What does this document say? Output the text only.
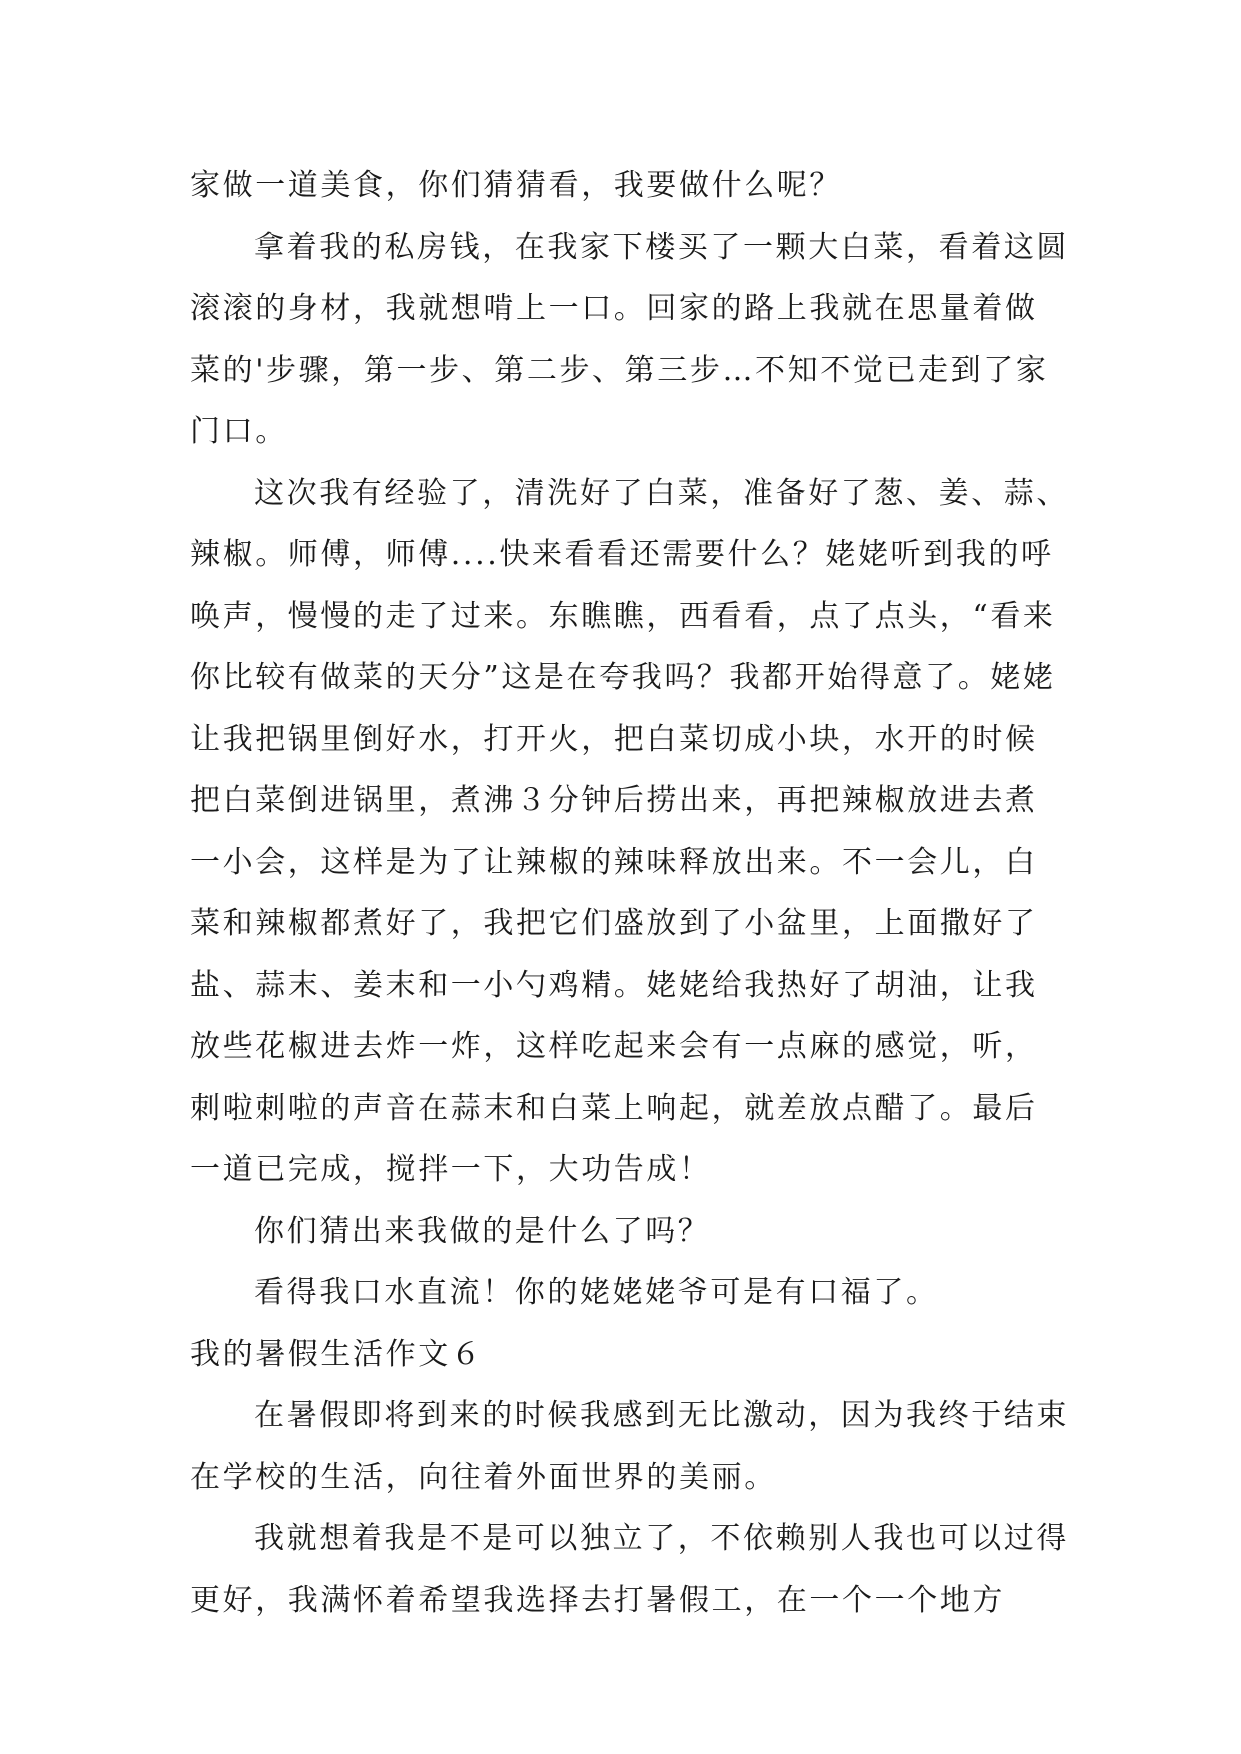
家做一道美食，你们猜猜看，我要做什么呢？

拿着我的私房钱，在我家下楼买了一颗大白菜，看着这圆滚滚的身材，我就想啃上一口。回家的路上我就在思量着做菜的'步骤，第一步、第二步、第三步…不知不觉已走到了家门口。

这次我有经验了，清洗好了白菜，准备好了葱、姜、蒜、辣椒。师傅，师傅....快来看看还需要什么？姥姥听到我的呼唤声，慢慢的走了过来。东瞧瞧，西看看，点了点头，“看来你比较有做菜的天分”这是在夸我吗？我都开始得意了。姥姥让我把锅里倒好水，打开火，把白菜切成小块，水开的时候把白菜倒进锅里，煮沸３分钟后捞出来，再把辣椒放进去煮一小会，这样是为了让辣椒的辣味释放出来。不一会儿，白菜和辣椒都煮好了，我把它们盛放到了小盆里，上面撒好了盐、蒜末、姜末和一小勺鸡精。姥姥给我热好了胡油，让我放些花椒进去炸一炸，这样吃起来会有一点麻的感觉，听，刺啦刺啦的声音在蒜末和白菜上响起，就差放点醋了。最后一道已完成，搅拌一下，大功告成！

你们猜出来我做的是什么了吗？

看得我口水直流！你的姥姥姥爷可是有口福了。

我的暑假生活作文６

在暑假即将到来的时候我感到无比激动，因为我终于结束在学校的生活，向往着外面世界的美丽。

我就想着我是不是可以独立了，不依赖别人我也可以过得更好，我满怀着希望我选择去打暑假工，在一个一个地方
